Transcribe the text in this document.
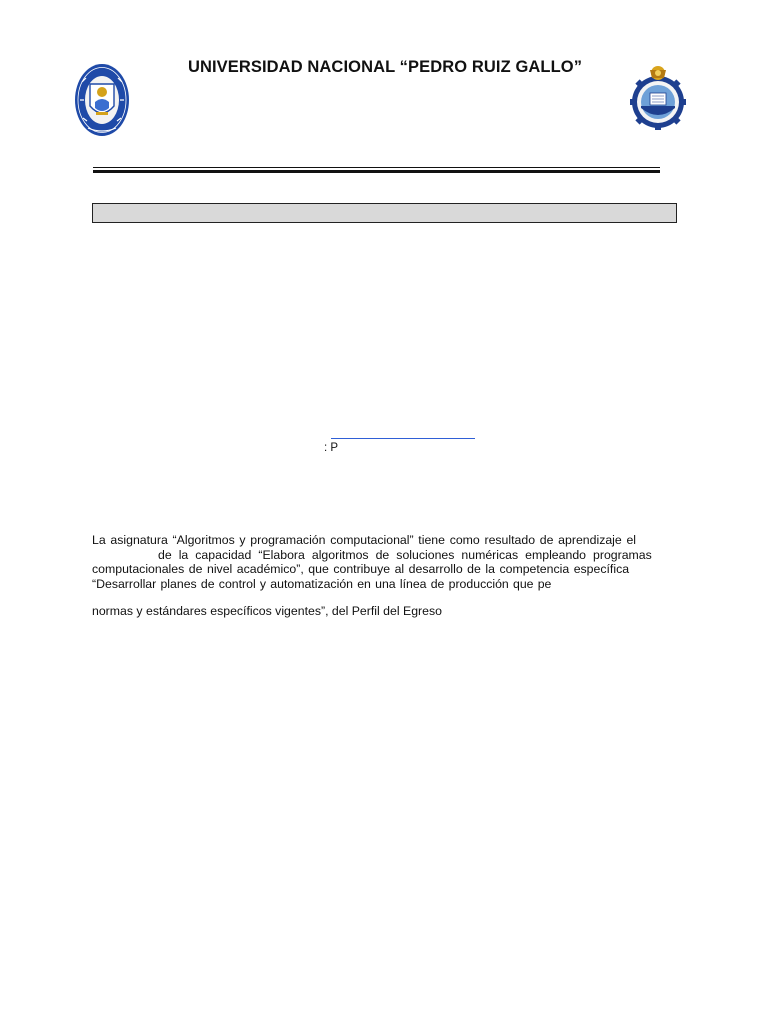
UNIVERSIDAD NACIONAL “PEDRO RUIZ GALLO”
: P
La asignatura “Algoritmos y programación computacional” tiene como resultado de aprendizaje el
de la capacidad “Elabora algoritmos de soluciones numéricas empleando programas
computacionales de nivel académico”, que contribuye al desarrollo de la competencia específica
“Desarrollar planes de control y automatización en una línea de producción que pe
normas y estándares específicos vigentes”, del Perfil del Egreso
